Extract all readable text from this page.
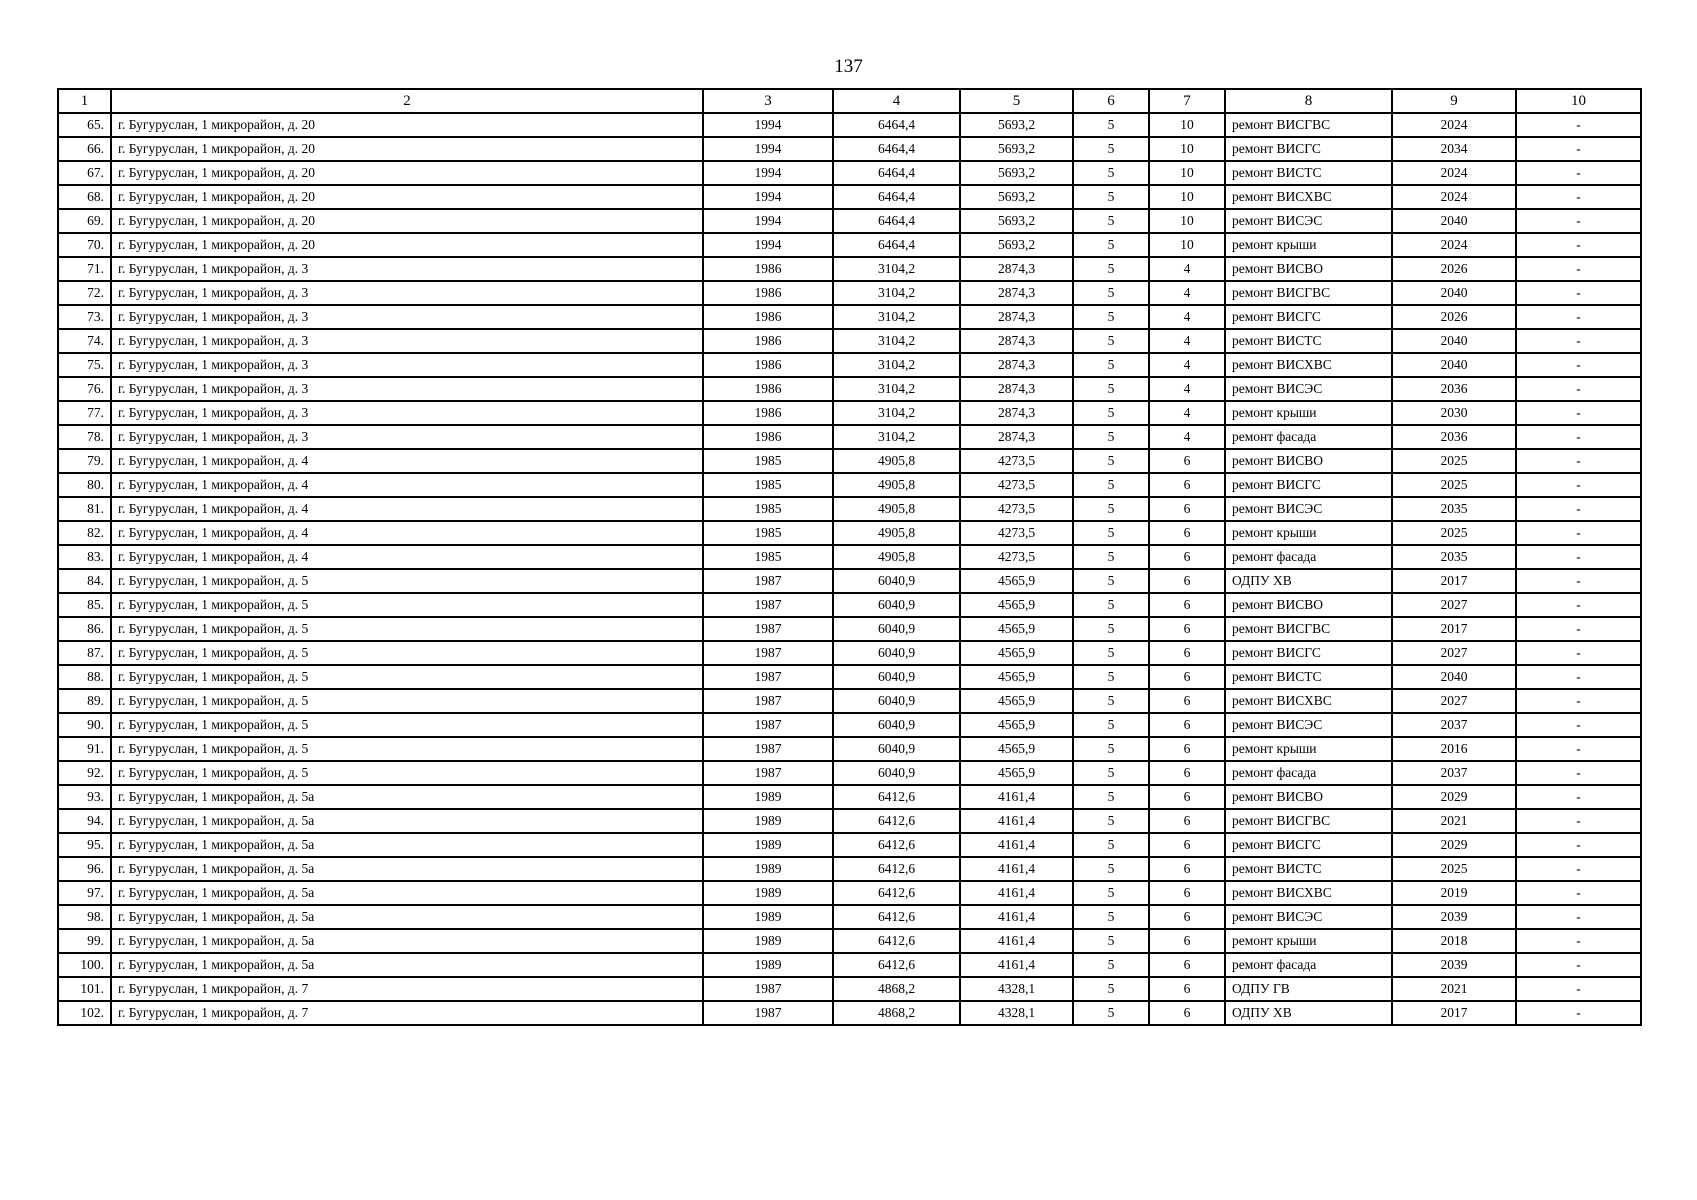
137
1	2	3	4	5	6	7	8	9	10
65.	г. Бугуруслан, 1 микрорайон, д. 20	1994	6464,4	5693,2	5	10	ремонт ВИСГВС	2024	-
66.	г. Бугуруслан, 1 микрорайон, д. 20	1994	6464,4	5693,2	5	10	ремонт ВИСГС	2034	-
67.	г. Бугуруслан, 1 микрорайон, д. 20	1994	6464,4	5693,2	5	10	ремонт ВИСТС	2024	-
68.	г. Бугуруслан, 1 микрорайон, д. 20	1994	6464,4	5693,2	5	10	ремонт ВИСХВС	2024	-
69.	г. Бугуруслан, 1 микрорайон, д. 20	1994	6464,4	5693,2	5	10	ремонт ВИСЭС	2040	-
70.	г. Бугуруслан, 1 микрорайон, д. 20	1994	6464,4	5693,2	5	10	ремонт крыши	2024	-
71.	г. Бугуруслан, 1 микрорайон, д. 3	1986	3104,2	2874,3	5	4	ремонт ВИСВО	2026	-
72.	г. Бугуруслан, 1 микрорайон, д. 3	1986	3104,2	2874,3	5	4	ремонт ВИСГВС	2040	-
73.	г. Бугуруслан, 1 микрорайон, д. 3	1986	3104,2	2874,3	5	4	ремонт ВИСГС	2026	-
74.	г. Бугуруслан, 1 микрорайон, д. 3	1986	3104,2	2874,3	5	4	ремонт ВИСТС	2040	-
75.	г. Бугуруслан, 1 микрорайон, д. 3	1986	3104,2	2874,3	5	4	ремонт ВИСХВС	2040	-
76.	г. Бугуруслан, 1 микрорайон, д. 3	1986	3104,2	2874,3	5	4	ремонт ВИСЭС	2036	-
77.	г. Бугуруслан, 1 микрорайон, д. 3	1986	3104,2	2874,3	5	4	ремонт крыши	2030	-
78.	г. Бугуруслан, 1 микрорайон, д. 3	1986	3104,2	2874,3	5	4	ремонт фасада	2036	-
79.	г. Бугуруслан, 1 микрорайон, д. 4	1985	4905,8	4273,5	5	6	ремонт ВИСВО	2025	-
80.	г. Бугуруслан, 1 микрорайон, д. 4	1985	4905,8	4273,5	5	6	ремонт ВИСГС	2025	-
81.	г. Бугуруслан, 1 микрорайон, д. 4	1985	4905,8	4273,5	5	6	ремонт ВИСЭС	2035	-
82.	г. Бугуруслан, 1 микрорайон, д. 4	1985	4905,8	4273,5	5	6	ремонт крыши	2025	-
83.	г. Бугуруслан, 1 микрорайон, д. 4	1985	4905,8	4273,5	5	6	ремонт фасада	2035	-
84.	г. Бугуруслан, 1 микрорайон, д. 5	1987	6040,9	4565,9	5	6	ОДПУ ХВ	2017	-
85.	г. Бугуруслан, 1 микрорайон, д. 5	1987	6040,9	4565,9	5	6	ремонт ВИСВО	2027	-
86.	г. Бугуруслан, 1 микрорайон, д. 5	1987	6040,9	4565,9	5	6	ремонт ВИСГВС	2017	-
87.	г. Бугуруслан, 1 микрорайон, д. 5	1987	6040,9	4565,9	5	6	ремонт ВИСГС	2027	-
88.	г. Бугуруслан, 1 микрорайон, д. 5	1987	6040,9	4565,9	5	6	ремонт ВИСТС	2040	-
89.	г. Бугуруслан, 1 микрорайон, д. 5	1987	6040,9	4565,9	5	6	ремонт ВИСХВС	2027	-
90.	г. Бугуруслан, 1 микрорайон, д. 5	1987	6040,9	4565,9	5	6	ремонт ВИСЭС	2037	-
91.	г. Бугуруслан, 1 микрорайон, д. 5	1987	6040,9	4565,9	5	6	ремонт крыши	2016	-
92.	г. Бугуруслан, 1 микрорайон, д. 5	1987	6040,9	4565,9	5	6	ремонт фасада	2037	-
93.	г. Бугуруслан, 1 микрорайон, д. 5а	1989	6412,6	4161,4	5	6	ремонт ВИСВО	2029	-
94.	г. Бугуруслан, 1 микрорайон, д. 5а	1989	6412,6	4161,4	5	6	ремонт ВИСГВС	2021	-
95.	г. Бугуруслан, 1 микрорайон, д. 5а	1989	6412,6	4161,4	5	6	ремонт ВИСГС	2029	-
96.	г. Бугуруслан, 1 микрорайон, д. 5а	1989	6412,6	4161,4	5	6	ремонт ВИСТС	2025	-
97.	г. Бугуруслан, 1 микрорайон, д. 5а	1989	6412,6	4161,4	5	6	ремонт ВИСХВС	2019	-
98.	г. Бугуруслан, 1 микрорайон, д. 5а	1989	6412,6	4161,4	5	6	ремонт ВИСЭС	2039	-
99.	г. Бугуруслан, 1 микрорайон, д. 5а	1989	6412,6	4161,4	5	6	ремонт крыши	2018	-
100.	г. Бугуруслан, 1 микрорайон, д. 5а	1989	6412,6	4161,4	5	6	ремонт фасада	2039	-
101.	г. Бугуруслан, 1 микрорайон, д. 7	1987	4868,2	4328,1	5	6	ОДПУ ГВ	2021	-
102.	г. Бугуруслан, 1 микрорайон, д. 7	1987	4868,2	4328,1	5	6	ОДПУ ХВ	2017	-
